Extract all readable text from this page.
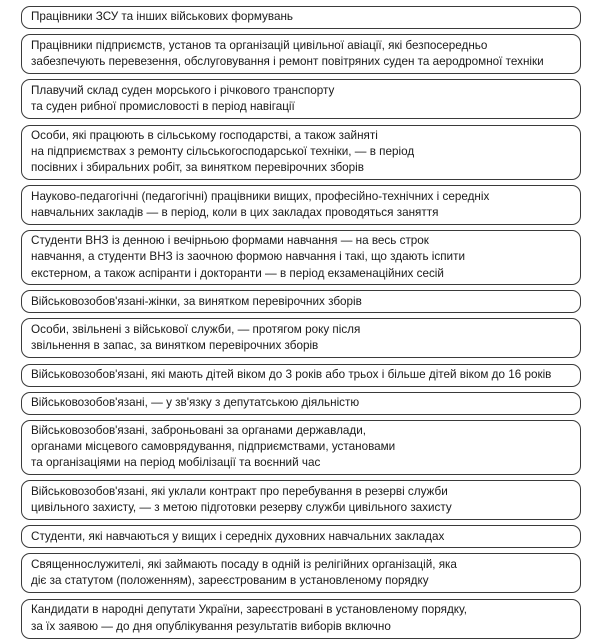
Працівники ЗСУ та інших військових формувань
Працівники підприємств, установ та організацій цивільної авіації, які безпосередньо
забезпечують перевезення, обслуговування і ремонт повітряних суден та аеродромної техніки
Плавучий склад суден морського і річкового транспорту
та суден рибної промисловості в період навігації
Особи, які працюють в сільському господарстві, а також зайняті
на підприємствах з ремонту сільськогосподарської техніки, — в період
посівних і збиральних робіт, за винятком перевірочних зборів
Науково-педагогічні (педагогічні) працівники вищих, професійно-технічних і середніх
навчальних закладів — в період, коли в цих закладах проводяться заняття
Студенти ВНЗ із денною і вечірньою формами навчання — на весь строк
навчання, а студенти ВНЗ із заочною формою навчання і такі, що здають іспити
екстерном, а також аспіранти і докторанти — в період екзаменаційних сесій
Військовозобов'язані-жінки, за винятком перевірочних зборів
Особи, звільнені з військової служби, — протягом року після
звільнення в запас, за винятком перевірочних зборів
Військовозобов'язані, які мають дітей віком до 3 років або трьох і більше дітей віком до 16 років
Військовозобов'язані, — у зв'язку з депутатською діяльністю
Військовозобов'язані, заброньовані за органами державлади,
органами місцевого самоврядування, підприємствами, установами
та організаціями на період мобілізації та воєнний час
Військовозобов'язані, які уклали контракт про перебування в резерві служби
цивільного захисту, — з метою підготовки резерву служби цивільного захисту
Студенти, які навчаються у вищих і середніх духовних навчальних закладах
Священнослужителі, які займають посаду в одній із релігійних організацій, яка
діє за статутом (положенням), зареєстрованим в установленому порядку
Кандидати в народні депутати України, зареєстровані в установленому порядку,
за їх заявою — до дня опублікування результатів виборів включно
